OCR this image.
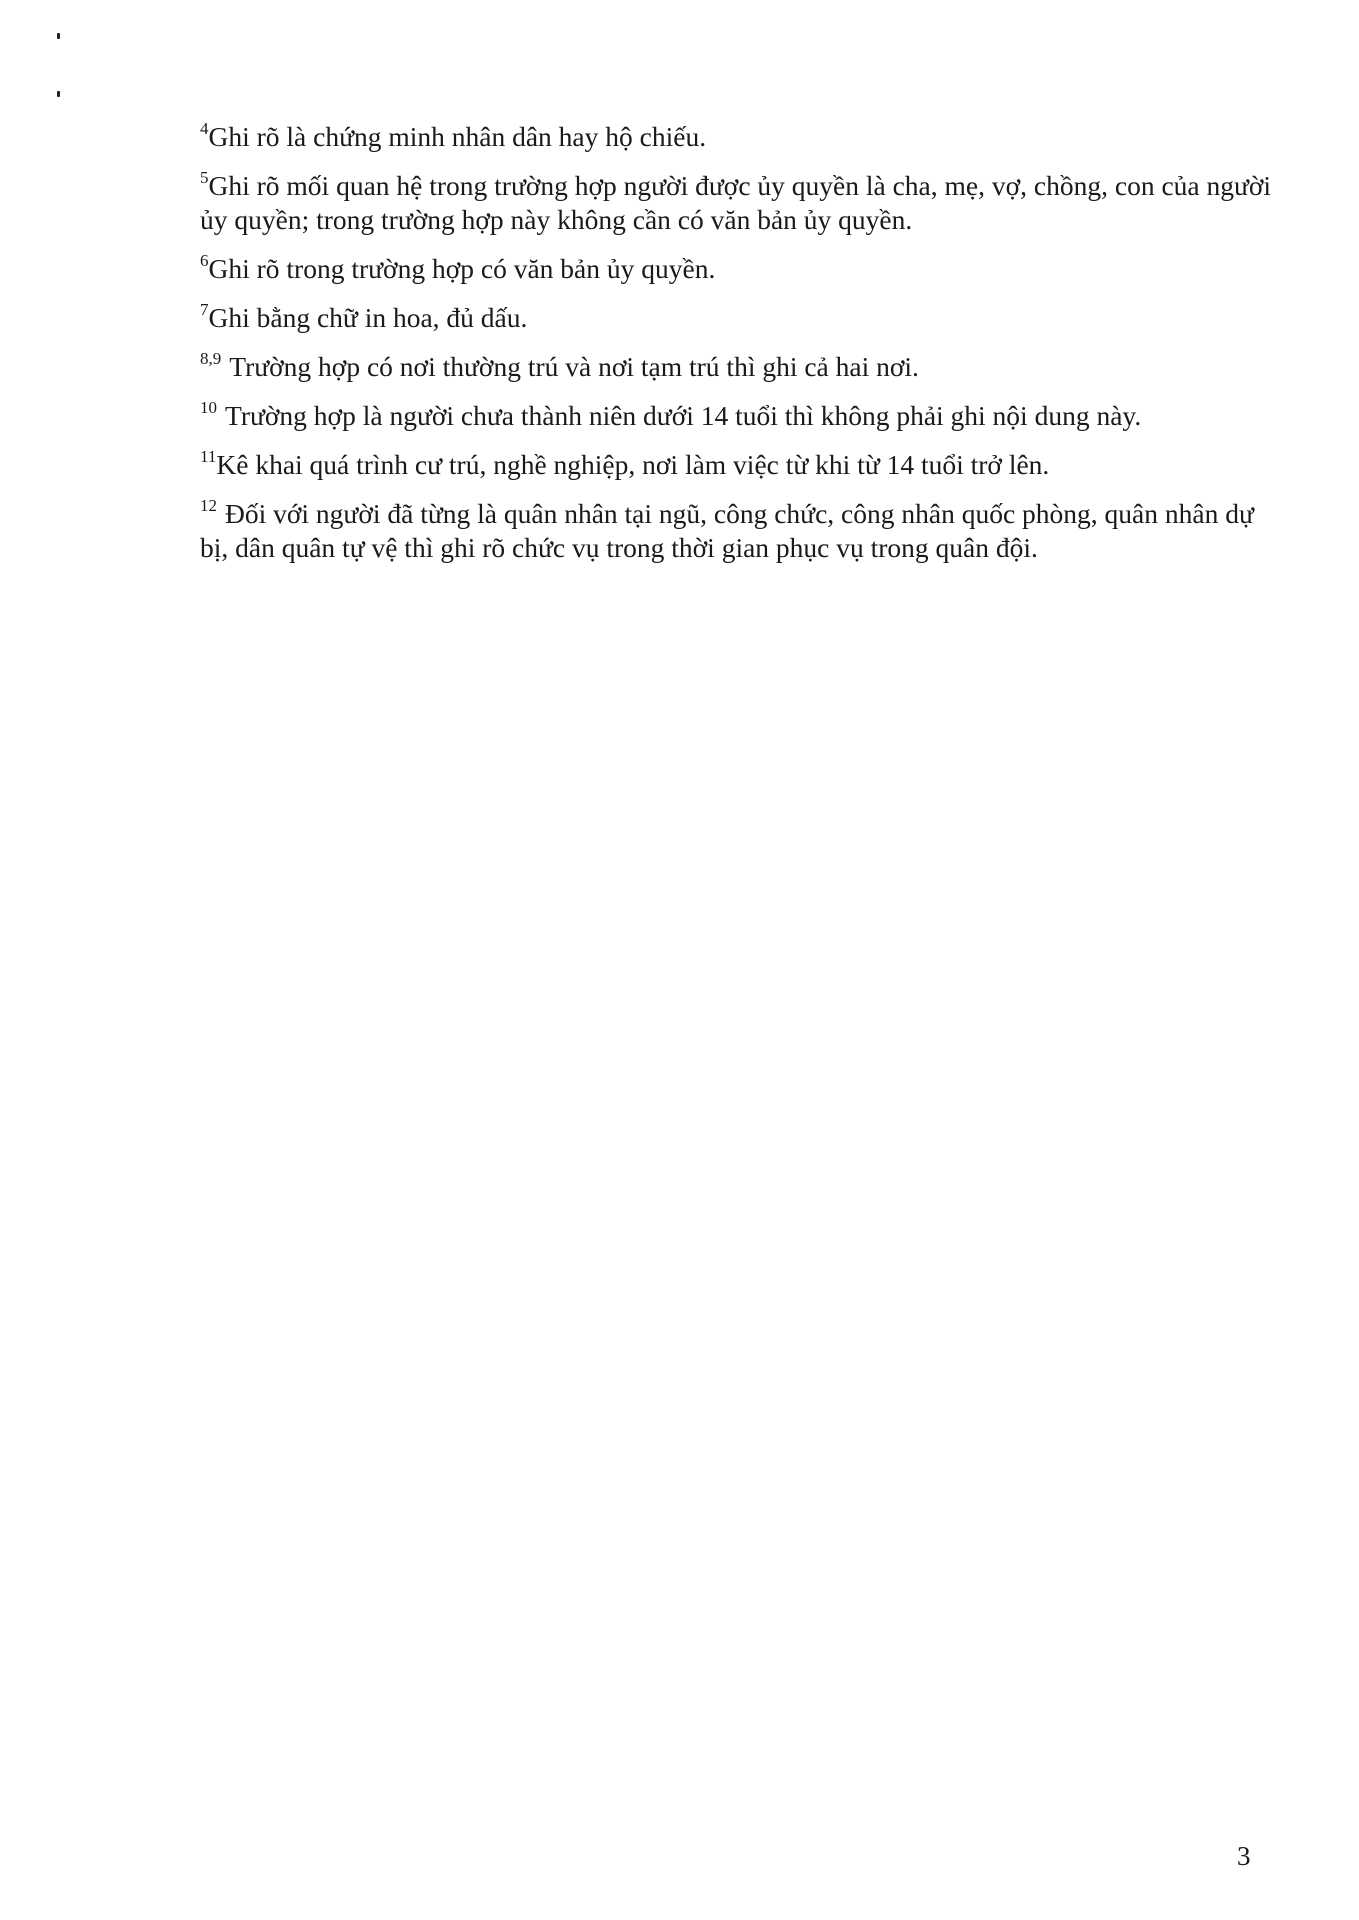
$^4$Ghi rõ là chứng minh nhân dân hay hộ chiếu.

$^5$Ghi rõ mối quan hệ trong trường hợp người được ủy quyền là cha, mẹ, vợ, chồng, con của người ủy quyền; trong trường hợp này không cần có văn bản ủy quyền.

$^6$Ghi rõ trong trường hợp có văn bản ủy quyền.

$^7$Ghi bằng chữ in hoa, đủ dấu.

$^{8,9}$ Trường hợp có nơi thường trú và nơi tạm trú thì ghi cả hai nơi.

$^{10}$ Trường hợp là người chưa thành niên dưới 14 tuổi thì không phải ghi nội dung này.

$^{11}$Kê khai quá trình cư trú, nghề nghiệp, nơi làm việc từ khi từ 14 tuổi trở lên.

$^{12}$ Đối với người đã từng là quân nhân tại ngũ, công chức, công nhân quốc phòng, quân nhân dự bị, dân quân tự vệ thì ghi rõ chức vụ trong thời gian phục vụ trong quân đội.

3
